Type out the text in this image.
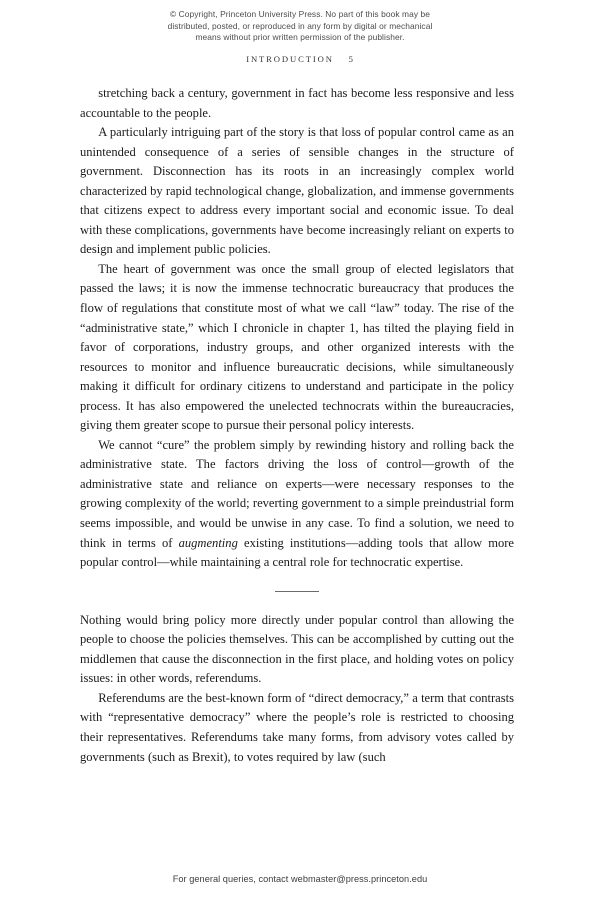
© Copyright, Princeton University Press. No part of this book may be
distributed, posted, or reproduced in any form by digital or mechanical
means without prior written permission of the publisher.
INTRODUCTION 5

stretching back a century, government in fact has become less responsive and less accountable to the people.

A particularly intriguing part of the story is that loss of popular control came as an unintended consequence of a series of sensible changes in the structure of government. Disconnection has its roots in an increasingly complex world characterized by rapid technological change, globalization, and immense governments that citizens expect to address every important social and economic issue. To deal with these complications, governments have become increasingly reliant on experts to design and implement public policies.

The heart of government was once the small group of elected legislators that passed the laws; it is now the immense technocratic bureaucracy that produces the flow of regulations that constitute most of what we call “law” today. The rise of the “administrative state,” which I chronicle in chapter 1, has tilted the playing field in favor of corporations, industry groups, and other organized interests with the resources to monitor and influence bureaucratic decisions, while simultaneously making it difficult for ordinary citizens to understand and participate in the policy process. It has also empowered the unelected technocrats within the bureaucracies, giving them greater scope to pursue their personal policy interests.

We cannot “cure” the problem simply by rewinding history and rolling back the administrative state. The factors driving the loss of control—growth of the administrative state and reliance on experts—were necessary responses to the growing complexity of the world; reverting government to a simple preindustrial form seems impossible, and would be unwise in any case. To find a solution, we need to think in terms of augmenting existing institutions—adding tools that allow more popular control—while maintaining a central role for technocratic expertise.

Nothing would bring policy more directly under popular control than allowing the people to choose the policies themselves. This can be accomplished by cutting out the middlemen that cause the disconnection in the first place, and holding votes on policy issues: in other words, referendums.

Referendums are the best-known form of “direct democracy,” a term that contrasts with “representative democracy” where the people’s role is restricted to choosing their representatives. Referendums take many forms, from advisory votes called by governments (such as Brexit), to votes required by law (such

For general queries, contact webmaster@press.princeton.edu
